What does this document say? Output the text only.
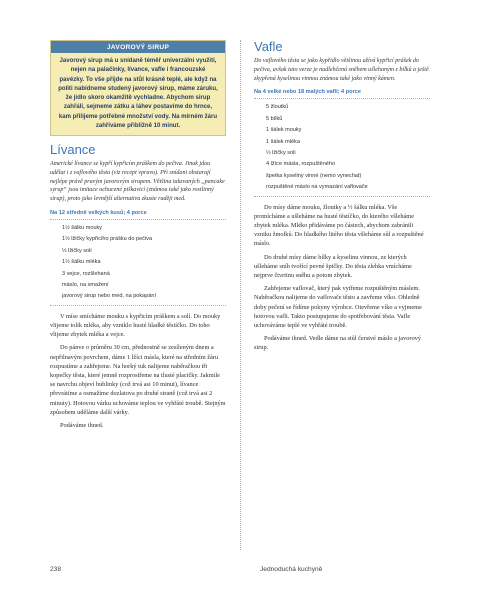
JAVOROVÝ SIRUP
Javorový sirup má u snídaně téměř univerzální využití, nejen na palačinky, lívance, vafle i francouzské pavézky. To vše přijde na stůl krásně teplé, ale když na politi nabídneme studený javorový sirup, máme záruku, že jídlo skoro okamžitě vychladne. Abychom sirup zahřáli, sejmeme zátku a láhev postavíme do hrnce, kam přilijeme potřebné množství vody. Na mírném žáru zahříváme přibližně 10 minut.
Lívance

Americké lívance se kypří kypřicím práškem do pečiva. Jinak jdou udělat i z vaflového těsta (viz recept vpravo). Při snídani obstarají nejlépe právě pravým javorovým sirupem. Většina takzvaných „pancake syrup“ jsou imitace ochucené piškavicí (známou také jako rostlinný sirup), proto jako levnější alternativu zkuste raději med.

Na 12 středně velkých kusů; 4 porce

1½ šálku mouky
1½ lžičky kypřicího prášku do pečiva
½ lžičky soli
1½ šálku mléka
3 vejce, rozšlehaná
máslo, na smažení
javorový sirup nebo med, na pokapání

V míse smícháme mouku s kypřicím práškem a solí. Do mouky vlijeme tolik mléka, aby vzniklo husté hladké těstíčko. Do toho vlijeme zbytek mléka a vejce.

Do pánve o průměru 30 cm, přednostně se zesíleným dnem a nepřilnavým povrchem, dáme 1 lžíci másla, které na středním žáru rozpustíme a zahřejeme. Na horký tuk nalijeme naběračkou tři kopečky těsta, které jemně rozprostřeme na tlusté placičky. Jakmile se navrchu objeví bublinky (což trvá asi 10 minut), lívance převrátíme a osmažíme dozlatova po druhé straně (což trvá asi 2 minuty). Hotovou várku uchováme teplou ve vyhřáté troubě. Stejným způsobem uděláme další várky.

Podáváme ihned.

Vafle

Do vaflového těsta se jako kypřidlo většinou užívá kypřicí prášek do pečiva, avšak tato verze je nadlehčená sněhem ušlehaným z bílků a ještě zkypřená kyselinou vinnou známou také jako vinný kámen.

Na 4 velké nebo 18 malých vaflí; 4 porce

5 žloutků
5 bílků
1 šálek mouky
1 šálek mléka
½ lžičky soli
4 lžíce másla, rozpuštěného
špetka kyseliny vinné (nemo vynechat)
rozpuštěné máslo na vymazání vaflovače

Do mísy dáme mouku, žloutky a ½ šálku mléka. Vše promícháme a ušleháme na husté těstíčko, do kterého všleháme zbytek mléka. Mléko přidáváme po částech, abychom zabránili vzniku žmolků. Do hladkého litého těsta všleháme sůl a rozpuštěné máslo.

Do druhé mísy dáme bílky a kyselinu vinnou, ze kterých ušleháme sníh tvořící pevné špičky. Do těsta zlehka vmícháme nejprve čtvrtinu sněhu a potom zbytek.

Zahřejeme vaflovač, který pak vytřeme rozpuštěným máslem. Naběračkou nalijeme do vaflovače těsto a zavřeme víko. Ohledně doby pečení se řídíme pokyny výrobce. Otevřeme víko a vyjmeme hotovou vafli. Takto postupujeme do spotřebování těsta. Vafle uchováváme teplé ve vyhřáté troubě.

Podáváme ihned. Vedle dáme na stůl čerstvé máslo a javorový sirup.

238	Jednoduchá kuchyně
